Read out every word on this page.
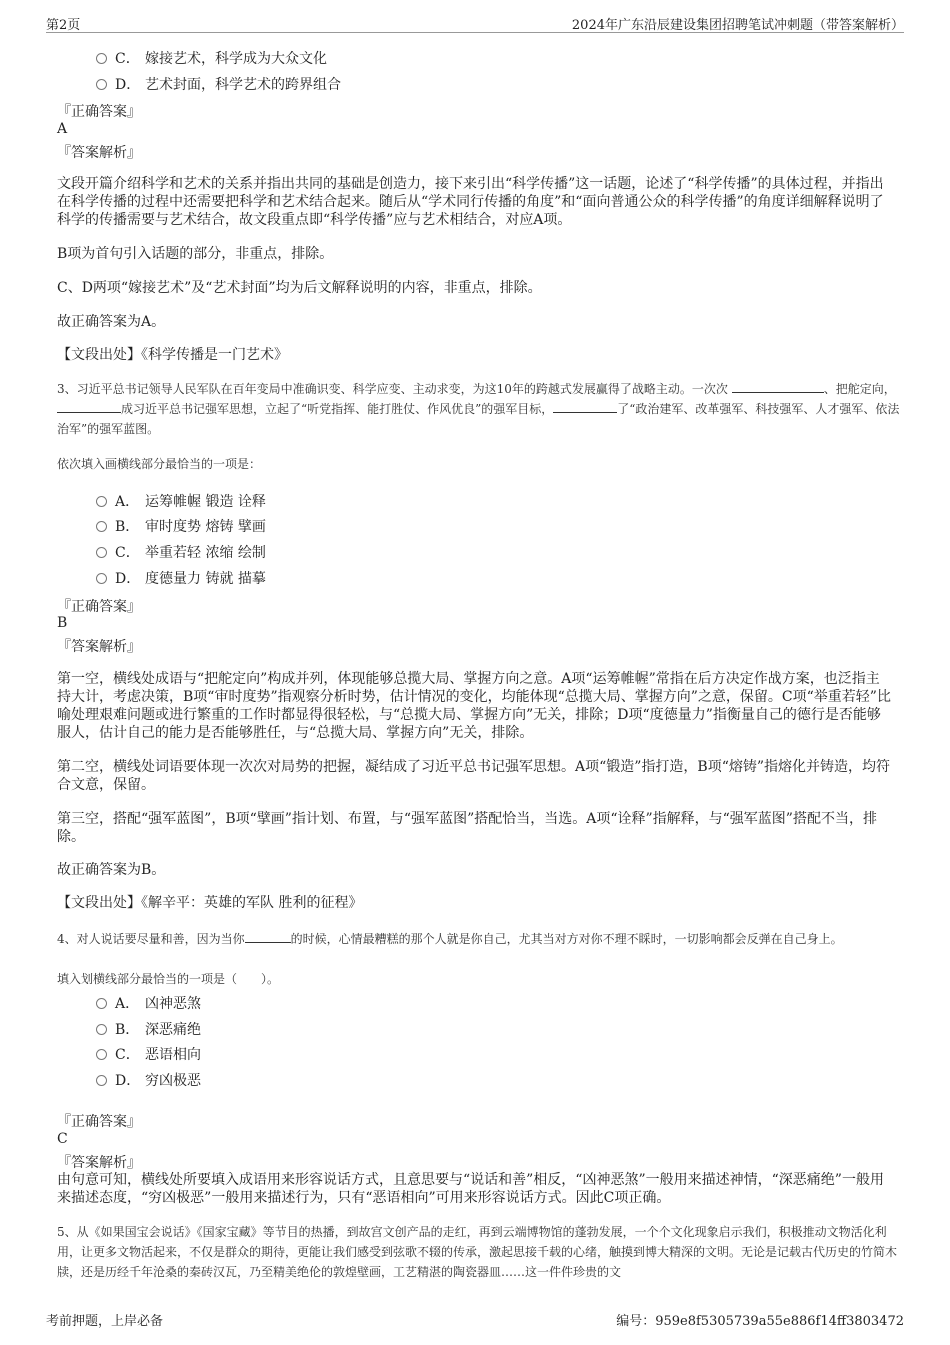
第2页	2024年广东沿辰建设集团招聘笔试冲刺题（带答案解析）
C． 嫁接艺术，科学成为大众文化
D． 艺术封面，科学艺术的跨界组合
『正确答案』
A
『答案解析』
文段开篇介绍科学和艺术的关系并指出共同的基础是创造力，接下来引出“科学传播”这一话题，论述了“科学传播”的具体过程，并指出在科学传播的过程中还需要把科学和艺术结合起来。随后从“学术同行传播的角度”和“面向普通公众的科学传播”的角度详细解释说明了科学的传播需要与艺术结合，故文段重点即“科学传播”应与艺术相结合，对应A项。
B项为首句引入话题的部分，非重点，排除。
C、D两项“嫁接艺术”及“艺术封面”均为后文解释说明的内容，非重点，排除。
故正确答案为A。
【文段出处】《科学传播是一门艺术》
3、习近平总书记领导人民军队在百年变局中准确识变、科学应变、主动求变，为这10年的跨越式发展赢得了战略主动。一次次	、把舵定向，成习近平总书记强军思想，立起了“听党指挥、能打胜仗、作风优良”的强军目标，	了“政治建军、改革强军、科技强军、人才强军、依法治军”的强军蓝图。
依次填入画横线部分最恰当的一项是：
A． 运筹帷幄 锻造 诠释
B． 审时度势 熔铸 擘画
C． 举重若轻 浓缩 绘制
D． 度德量力 铸就 描摹
『正确答案』
B
『答案解析』
第一空，横线处成语与“把舵定向”构成并列，体现能够总揽大局、掌握方向之意。A项“运筹帷幄”常指在后方决定作战方案，也泛指主持大计，考虑决策，B项“审时度势”指观察分析时势，估计情况的变化，均能体现“总揽大局、掌握方向”之意，保留。C项“举重若轻”比喻处理艰难问题或进行繁重的工作时都显得很轻松，与“总揽大局、掌握方向”无关，排除；D项“度德量力”指衡量自己的德行是否能够服人，估计自己的能力是否能够胜任，与“总揽大局、掌握方向”无关，排除。
第二空，横线处词语要体现一次次对局势的把握，凝结成了习近平总书记强军思想。A项“锻造”指打造，B项“熔铸”指熔化并铸造，均符合文意，保留。
第三空，搭配“强军蓝图”，B项“擘画”指计划、布置，与“强军蓝图”搭配恰当，当选。A项“诠释”指解释，与“强军蓝图”搭配不当，排除。
故正确答案为B。
【文段出处】《解辛平：英雄的军队 胜利的征程》
4、对人说话要尽量和善，因为当你	的时候，心情最糟糕的那个人就是你自己，尤其当对方对你不理不睬时，一切影响都会反弹在自己身上。
填入划横线部分最恰当的一项是（　　）。
A． 凶神恶煞
B． 深恶痛绝
C． 恶语相向
D． 穷凶极恶
『正确答案』
C
『答案解析』
由句意可知，横线处所要填入成语用来形容说话方式，且意思要与“说话和善”相反，“凶神恶煞”一般用来描述神情，“深恶痛绝”一般用来描述态度，“穷凶极恶”一般用来描述行为，只有“恶语相向”可用来形容说话方式。因此C项正确。
5、从《如果国宝会说话》《国家宝藏》等节目的热播，到故宫文创产品的走红，再到云端博物馆的蓬勃发展，一个个文化现象启示我们，积极推动文物活化利用，让更多文物活起来，不仅是群众的期待，更能让我们感受到弦歌不辍的传承，激起思接千载的心绪，触摸到博大精深的文明。无论是记载古代历史的竹简木牍，还是历经千年沧桑的秦砖汉瓦，乃至精美绝伦的敦煌壁画，工艺精湛的陶瓷器皿……这一件件珍贵的文
考前押题，上岸必备	编号：959e8f5305739a55e886f14ff3803472
